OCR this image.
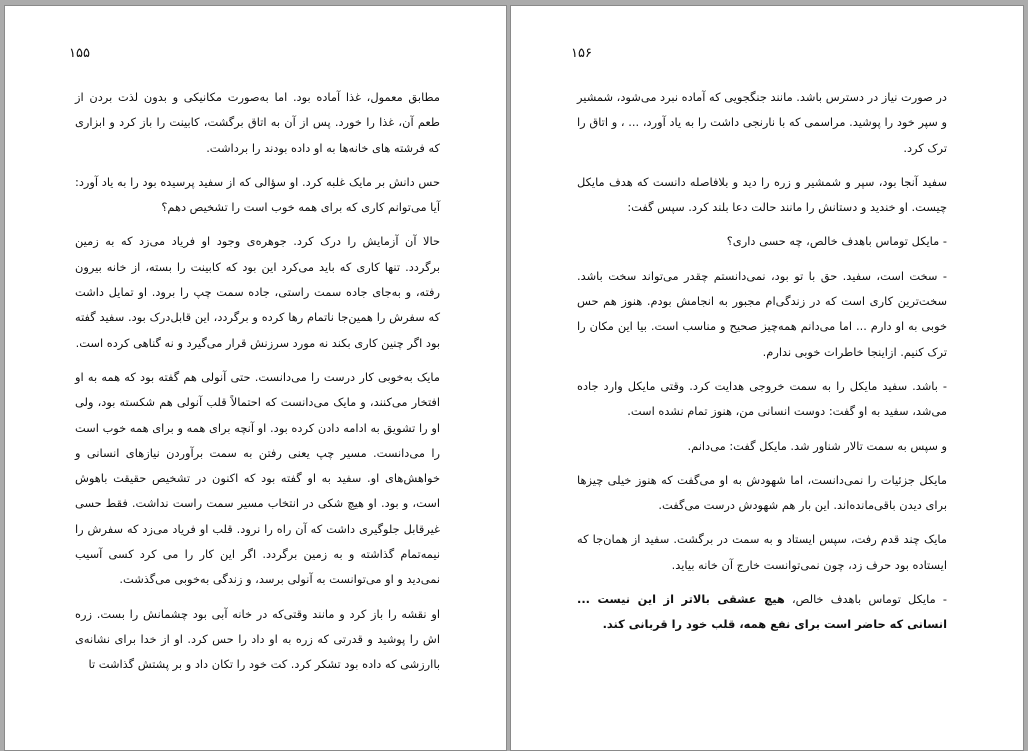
۱۵۵

مطابق معمول، غذا آماده بود. اما به‌صورت مکانیکی و بدون لذت بردن از طعم آن، غذا را خورد. پس از آن به اتاق برگشت، کابینت را باز کرد و ابزاری که فرشته های خانه‌ها به او داده بودند را برداشت.

حس دانش بر مایک غلبه کرد. او سؤالی که از سفید پرسیده بود را به یاد آورد: آیا می‌توانم کاری که برای همه خوب است را تشخیص دهم؟

حالا آن آزمایش را درک کرد. جوهره‌ی وجود او فریاد می‌زد که به زمین برگردد. تنها کاری که باید می‌کرد این بود که کابینت را بسته، از خانه بیرون رفته، و به‌جای جاده سمت راستی، جاده سمت چپ را برود. او تمایل داشت که سفرش را همین‌جا ناتمام رها کرده و برگردد، این قابل‌درک بود. سفید گفته بود اگر چنین کاری بکند نه مورد سرزنش قرار می‌گیرد و نه گناهی کرده است.

مایک به‌خوبی کار درست را می‌دانست. حتی آنولی هم گفته بود که همه به او افتخار می‌کنند، و مایک می‌دانست که احتمالاً قلب آنولی هم شکسته بود، ولی او را تشویق به ادامه دادن کرده بود. او آنچه برای همه و برای همه خوب است را می‌دانست. مسیر چپ یعنی رفتن به سمت برآوردن نیازهای انسانی و خواهش‌های او. سفید به او گفته بود که اکنون در تشخیص حقیقت باهوش است، و بود. او هیچ شکی در انتخاب مسیر سمت راست نداشت. فقط حسی غیرقابل جلوگیری داشت که آن راه را نرود. قلب او فریاد می‌زد که سفرش را نیمه‌تمام گذاشته و به زمین برگردد. اگر این کار را می کرد کسی آسیب نمی‌دید و او می‌توانست به آنولی برسد، و زندگی به‌خوبی می‌گذشت.

او نقشه را باز کرد و مانند وقتی‌که در خانه آبی بود چشمانش را بست. زره اش را پوشید و قدرتی که زره به او داد را حس کرد. او از خدا برای نشانه‌ی باارزشی که داده بود تشکر کرد. کت خود را تکان داد و بر پشتش گذاشت تا

۱۵۶

در صورت نیاز در دسترس باشد. مانند جنگجویی که آماده نبرد می‌شود، شمشیر و سپر خود را پوشید. مراسمی که با نارنجی داشت را به یاد آورد، ... ، و اتاق را ترک کرد.

سفید آنجا بود، سپر و شمشیر و زره را دید و بلافاصله دانست که هدف مایکل چیست. او خندید و دستانش را مانند حالت دعا بلند کرد. سپس گفت:

- مایکل توماس باهدف خالص، چه حسی داری؟

- سخت است، سفید. حق با تو بود، نمی‌دانستم چقدر می‌تواند سخت باشد. سخت‌ترین کاری است که در زندگی‌ام مجبور به انجامش بودم. هنوز هم حس خوبی به او دارم ... اما می‌دانم همه‌چیز صحیح و مناسب است. بیا این مکان را ترک کنیم. ازاینجا خاطرات خوبی ندارم.

- باشد. سفید مایکل را به سمت خروجی هدایت کرد. وقتی مایکل وارد جاده می‌شد، سفید به او گفت: دوست انسانی من، هنوز تمام نشده است.

و سپس به سمت تالار شناور شد. مایکل گفت: می‌دانم.

مایکل جزئیات را نمی‌دانست، اما شهودش به او می‌گفت که هنوز خیلی چیزها برای دیدن باقی‌مانده‌اند. این بار هم شهودش درست می‌گفت.

مایک چند قدم رفت، سپس ایستاد و به سمت در برگشت. سفید از همان‌جا که ایستاده بود حرف زد، چون نمی‌توانست خارج آن خانه بیاید.

- مایکل توماس باهدف خالص، هیچ عشقی بالاتر از این نیست ... انسانی که حاضر است برای نفع همه، قلب خود را قربانی کند.
